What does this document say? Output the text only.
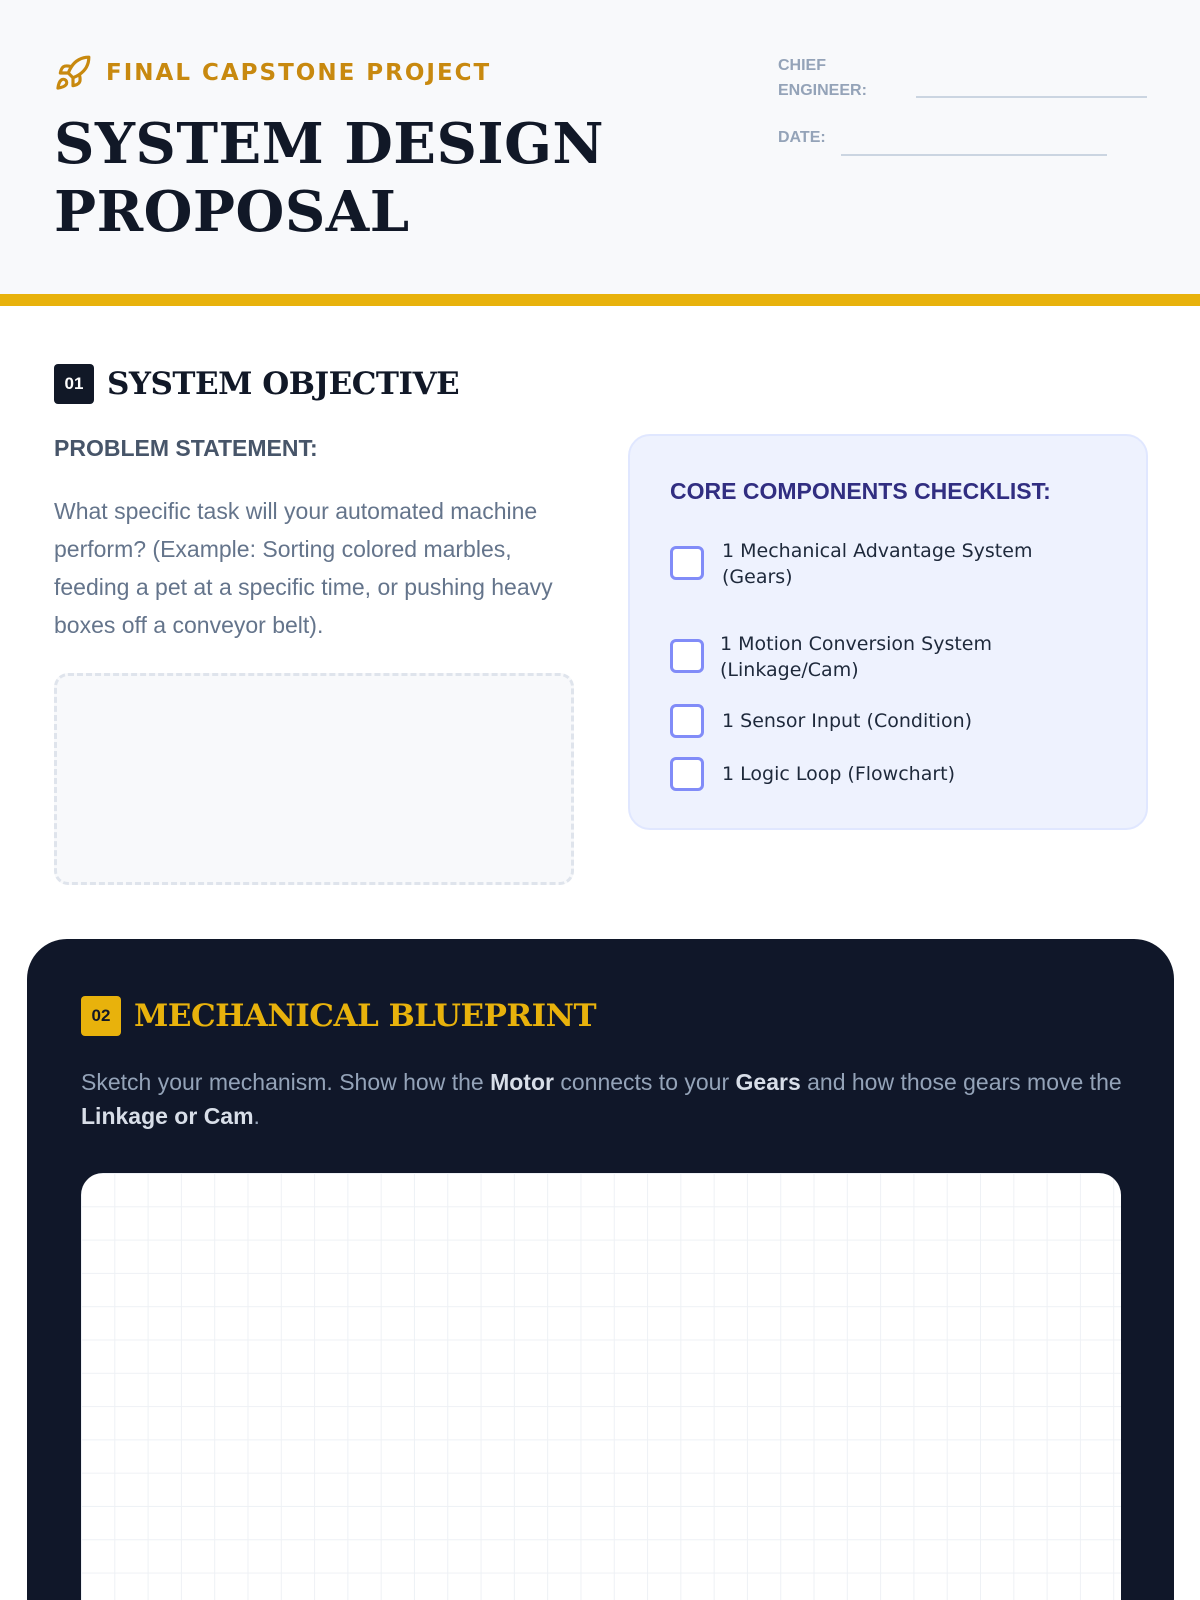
FINAL CAPSTONE PROJECT
SYSTEM DESIGN
PROPOSAL
CHIEF
ENGINEER:
DATE:
01 SYSTEM OBJECTIVE
PROBLEM STATEMENT:
What specific task will your automated machine perform? (Example: Sorting colored marbles, feeding a pet at a specific time, or pushing heavy boxes off a conveyor belt).
CORE COMPONENTS CHECKLIST:
1 Mechanical Advantage System (Gears)
1 Motion Conversion System (Linkage/Cam)
1 Sensor Input (Condition)
1 Logic Loop (Flowchart)
02 MECHANICAL BLUEPRINT
Sketch your mechanism. Show how the Motor connects to your Gears and how those gears move the Linkage or Cam.
